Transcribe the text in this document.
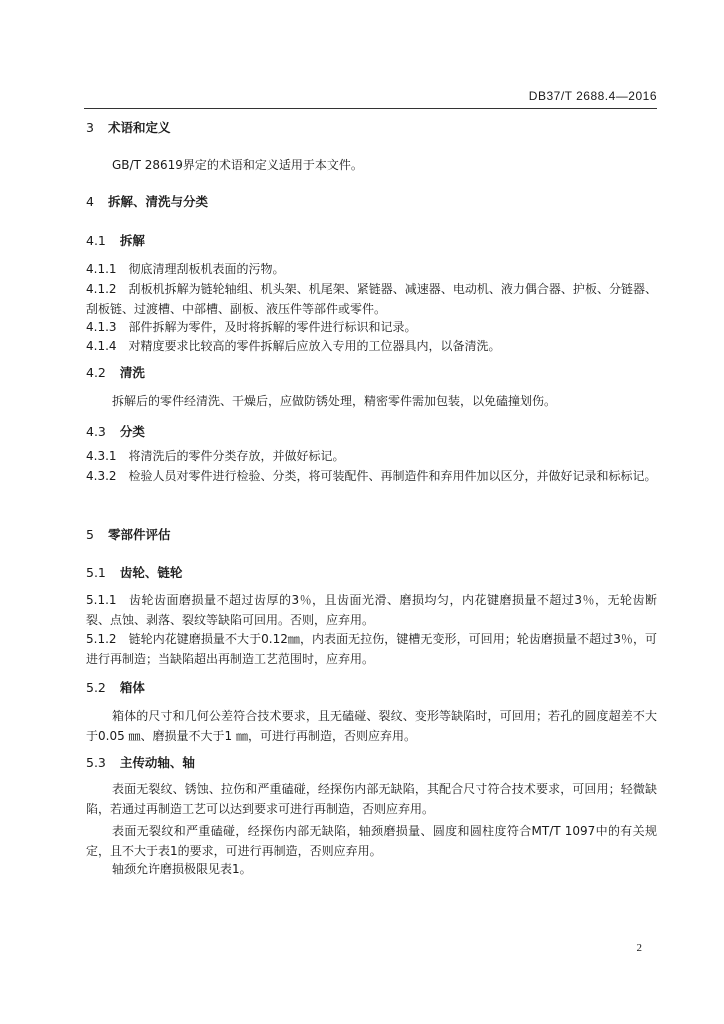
DB37/T 2688.4—2016
3 术语和定义
GB/T 28619界定的术语和定义适用于本文件。
4 拆解、清洗与分类
4.1 拆解
4.1.1 彻底清理刮板机表面的污物。
4.1.2 刮板机拆解为链轮轴组、机头架、机尾架、紧链器、减速器、电动机、液力偶合器、护板、分链器、刮板链、过渡槽、中部槽、副板、液压件等部件或零件。
4.1.3 部件拆解为零件，及时将拆解的零件进行标识和记录。
4.1.4 对精度要求比较高的零件拆解后应放入专用的工位器具内，以备清洗。
4.2 清洗
拆解后的零件经清洗、干燥后，应做防锈处理，精密零件需加包装，以免磕撞划伤。
4.3 分类
4.3.1 将清洗后的零件分类存放，并做好标记。
4.3.2 检验人员对零件进行检验、分类，将可装配件、再制造件和弃用件加以区分，并做好记录和标标记。
5 零部件评估
5.1 齿轮、链轮
5.1.1 齿轮齿面磨损量不超过齿厚的3％，且齿面光滑、磨损均匀，内花键磨损量不超过3％，无轮齿断裂、点蚀、剥落、裂纹等缺陷可回用。否则，应弃用。
5.1.2 链轮内花键磨损量不大于0.12㎜，内表面无拉伤，键槽无变形，可回用；轮齿磨损量不超过3％，可进行再制造；当缺陷超出再制造工艺范围时，应弃用。
5.2 箱体
箱体的尺寸和几何公差符合技术要求，且无磕碰、裂纹、变形等缺陷时，可回用；若孔的圆度超差不大于0.05 ㎜、磨损量不大于1 ㎜，可进行再制造，否则应弃用。
5.3 主传动轴、轴
表面无裂纹、锈蚀、拉伤和严重磕碰，经探伤内部无缺陷，其配合尺寸符合技术要求，可回用；轻微缺陷，若通过再制造工艺可以达到要求可进行再制造，否则应弃用。
表面无裂纹和严重磕碰，经探伤内部无缺陷，轴颈磨损量、圆度和圆柱度符合MT/T 1097中的有关规定，且不大于表1的要求，可进行再制造，否则应弃用。
轴颈允许磨损极限见表1。
2
